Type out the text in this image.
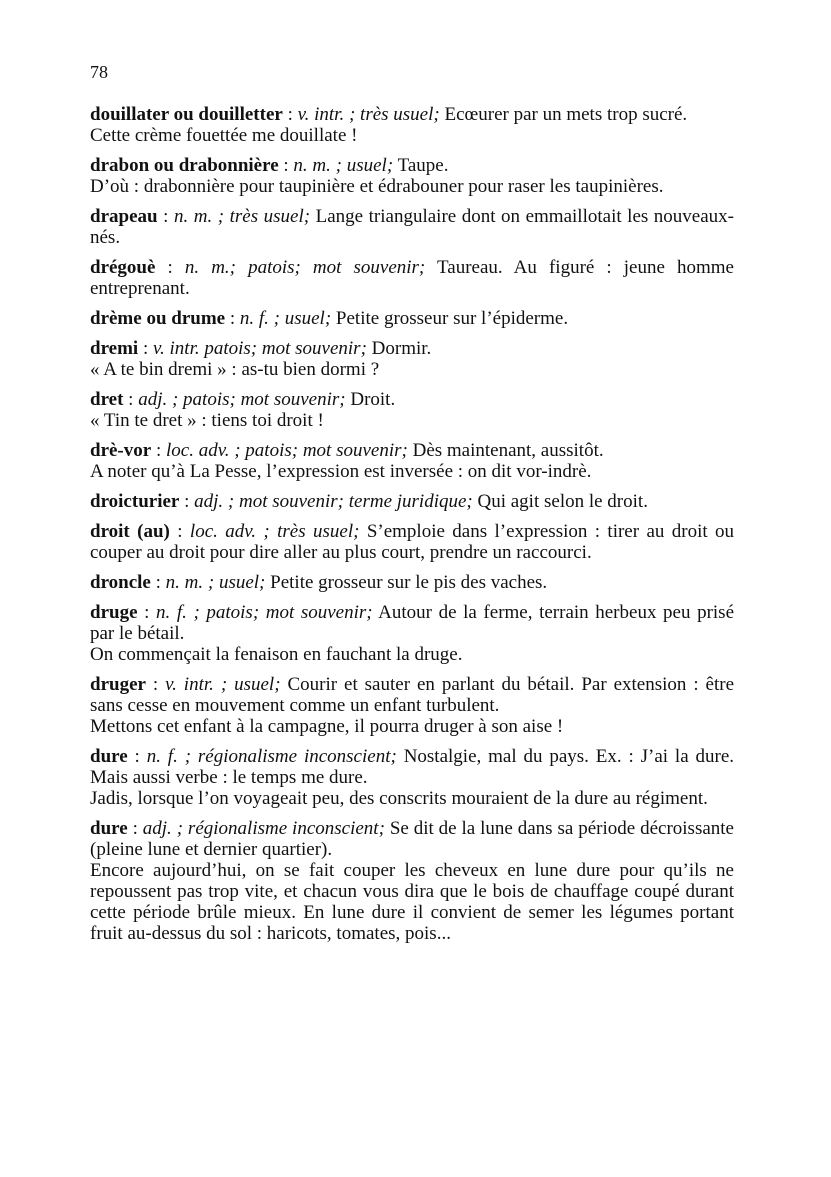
78

douillater ou douilletter : v. intr. ; très usuel; Ecœurer par un mets trop sucré.

Cette crème fouettée me douillate !

drabon ou drabonnière : n. m. ; usuel; Taupe.

D’où : drabonnière pour taupinière et édrabouner pour raser les taupinières.

drapeau : n. m. ; très usuel; Lange triangulaire dont on emmaillotait les nouveaux-nés.

drégouè : n. m.; patois; mot souvenir; Taureau. Au figuré : jeune homme entreprenant.

drème ou drume : n. f. ; usuel; Petite grosseur sur l’épiderme.

dremi : v. intr. patois; mot souvenir; Dormir.

« A te bin dremi » : as-tu bien dormi ?

dret : adj. ; patois; mot souvenir; Droit.

« Tin te dret » : tiens toi droit !

drè-vor : loc. adv. ; patois; mot souvenir; Dès maintenant, aussitôt.

A noter qu’à La Pesse, l’expression est inversée : on dit vor-indrè.

droicturier : adj. ; mot souvenir; terme juridique; Qui agit selon le droit.

droit (au) : loc. adv. ; très usuel; S’emploie dans l’expression : tirer au droit ou couper au droit pour dire aller au plus court, prendre un raccourci.

droncle : n. m. ; usuel; Petite grosseur sur le pis des vaches.

druge : n. f. ; patois; mot souvenir; Autour de la ferme, terrain herbeux peu prisé par le bétail.

On commençait la fenaison en fauchant la druge.

druger : v. intr. ; usuel; Courir et sauter en parlant du bétail. Par extension : être sans cesse en mouvement comme un enfant turbulent.

Mettons cet enfant à la campagne, il pourra druger à son aise !

dure : n. f. ; régionalisme inconscient; Nostalgie, mal du pays. Ex. : J’ai la dure. Mais aussi verbe : le temps me dure.

Jadis, lorsque l’on voyageait peu, des conscrits mouraient de la dure au régiment.

dure : adj. ; régionalisme inconscient; Se dit de la lune dans sa période décroissante (pleine lune et dernier quartier).

Encore aujourd’hui, on se fait couper les cheveux en lune dure pour qu’ils ne repoussent pas trop vite, et chacun vous dira que le bois de chauffage coupé durant cette période brûle mieux. En lune dure il convient de semer les légumes portant fruit au-dessus du sol : haricots, tomates, pois...
